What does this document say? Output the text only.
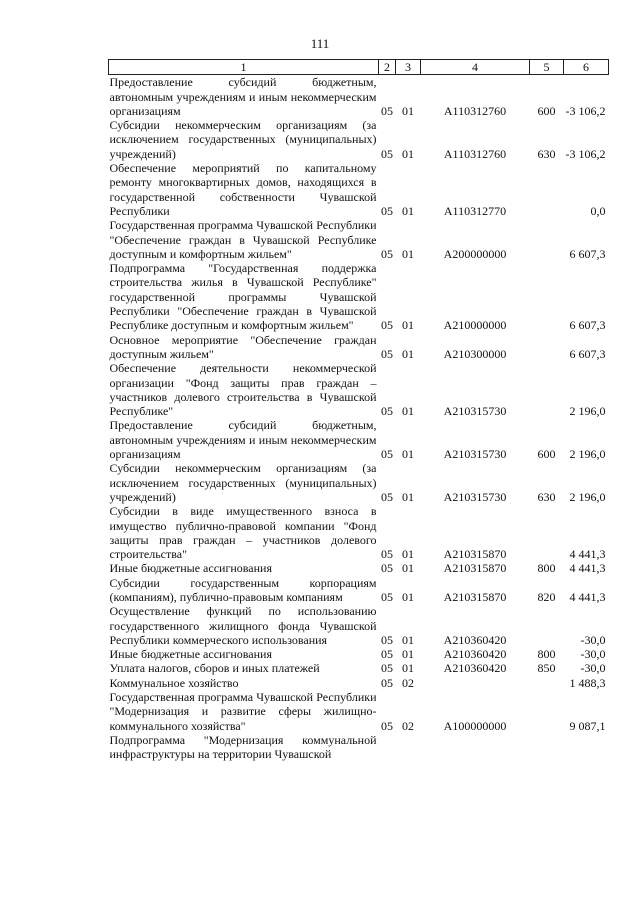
111
1	2	3	4	5	6
Предоставление субсидий бюджетным, автономным учреждениям и иным некоммерческим организациям	05	01	А110312760	600	-3 106,2
Субсидии некоммерческим организациям (за исключением государственных (муниципальных) учреждений)	05	01	А110312760	630	-3 106,2
Обеспечение мероприятий по капитальному ремонту многоквартирных домов, находящихся в государственной собственности Чувашской Республики	05	01	А110312770		0,0
Государственная программа Чувашской Республики "Обеспечение граждан в Чувашской Республике доступным и комфортным жильем"	05	01	А200000000		6 607,3
Подпрограмма "Государственная поддержка строительства жилья в Чувашской Республике" государственной программы Чувашской Республики "Обеспечение граждан в Чувашской Республике доступным и комфортным жильем"	05	01	А210000000		6 607,3
Основное мероприятие "Обеспечение граждан доступным жильем"	05	01	А210300000		6 607,3
Обеспечение деятельности некоммерческой организации "Фонд защиты прав граждан – участников долевого строительства в Чувашской Республике"	05	01	А210315730		2 196,0
Предоставление субсидий бюджетным, автономным учреждениям и иным некоммерческим организациям	05	01	А210315730	600	2 196,0
Субсидии некоммерческим организациям (за исключением государственных (муниципальных) учреждений)	05	01	А210315730	630	2 196,0
Субсидии в виде имущественного взноса в имущество публично-правовой компании "Фонд защиты прав граждан – участников долевого строительства"	05	01	А210315870		4 441,3
Иные бюджетные ассигнования	05	01	А210315870	800	4 441,3
Субсидии государственным корпорациям (компаниям), публично-правовым компаниям	05	01	А210315870	820	4 441,3
Осуществление функций по использованию государственного жилищного фонда Чувашской Республики коммерческого использования	05	01	А210360420		-30,0
Иные бюджетные ассигнования	05	01	А210360420	800	-30,0
Уплата налогов, сборов и иных платежей	05	01	А210360420	850	-30,0
Коммунальное хозяйство	05	02			1 488,3
Государственная программа Чувашской Республики "Модернизация и развитие сферы жилищно-коммунального хозяйства"	05	02	А100000000		9 087,1
Подпрограмма "Модернизация коммунальной инфраструктуры на территории Чувашской					
